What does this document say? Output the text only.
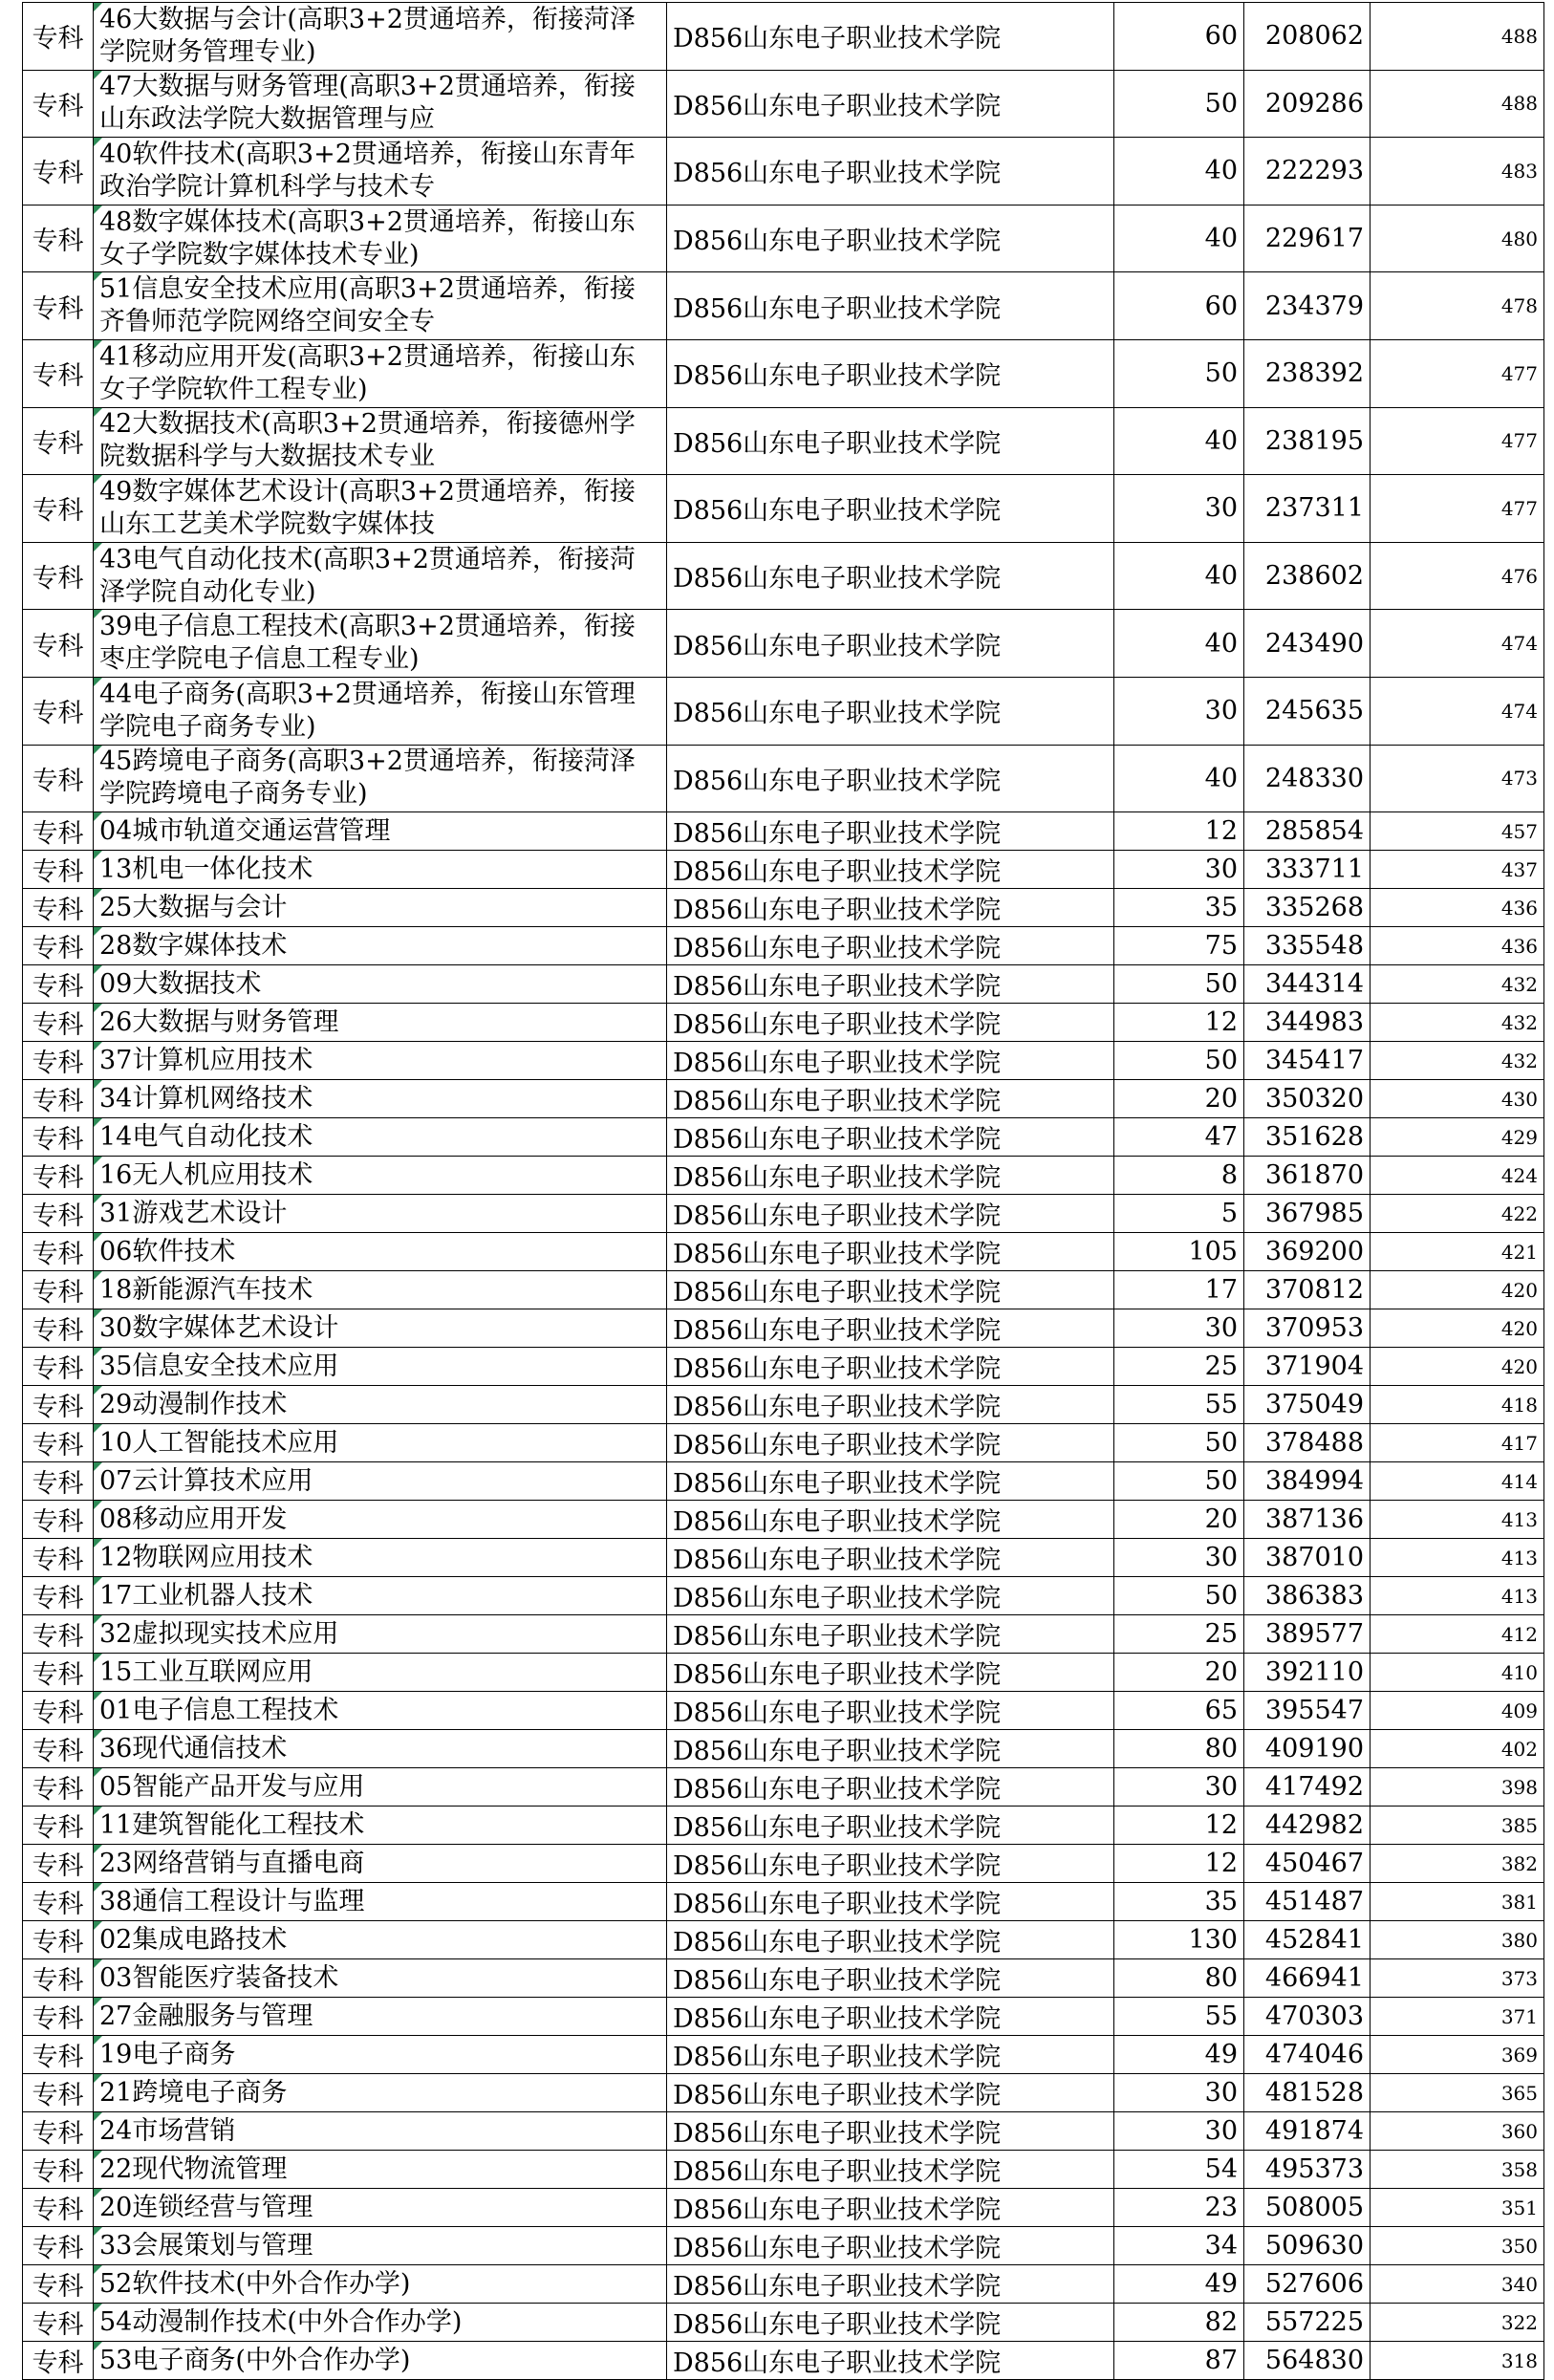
专科	46大数据与会计(高职3+2贯通培养，衔接菏泽学院财务管理专业)	D856山东电子职业技术学院	60	208062	488
专科	47大数据与财务管理(高职3+2贯通培养，衔接山东政法学院大数据管理与应	D856山东电子职业技术学院	50	209286	488
专科	40软件技术(高职3+2贯通培养，衔接山东青年政治学院计算机科学与技术专	D856山东电子职业技术学院	40	222293	483
专科	48数字媒体技术(高职3+2贯通培养，衔接山东女子学院数字媒体技术专业)	D856山东电子职业技术学院	40	229617	480
专科	51信息安全技术应用(高职3+2贯通培养，衔接齐鲁师范学院网络空间安全专	D856山东电子职业技术学院	60	234379	478
专科	41移动应用开发(高职3+2贯通培养，衔接山东女子学院软件工程专业)	D856山东电子职业技术学院	50	238392	477
专科	42大数据技术(高职3+2贯通培养，衔接德州学院数据科学与大数据技术专业	D856山东电子职业技术学院	40	238195	477
专科	49数字媒体艺术设计(高职3+2贯通培养，衔接山东工艺美术学院数字媒体技	D856山东电子职业技术学院	30	237311	477
专科	43电气自动化技术(高职3+2贯通培养，衔接菏泽学院自动化专业)	D856山东电子职业技术学院	40	238602	476
专科	39电子信息工程技术(高职3+2贯通培养，衔接枣庄学院电子信息工程专业)	D856山东电子职业技术学院	40	243490	474
专科	44电子商务(高职3+2贯通培养，衔接山东管理学院电子商务专业)	D856山东电子职业技术学院	30	245635	474
专科	45跨境电子商务(高职3+2贯通培养，衔接菏泽学院跨境电子商务专业)	D856山东电子职业技术学院	40	248330	473
专科	04城市轨道交通运营管理	D856山东电子职业技术学院	12	285854	457
专科	13机电一体化技术	D856山东电子职业技术学院	30	333711	437
专科	25大数据与会计	D856山东电子职业技术学院	35	335268	436
专科	28数字媒体技术	D856山东电子职业技术学院	75	335548	436
专科	09大数据技术	D856山东电子职业技术学院	50	344314	432
专科	26大数据与财务管理	D856山东电子职业技术学院	12	344983	432
专科	37计算机应用技术	D856山东电子职业技术学院	50	345417	432
专科	34计算机网络技术	D856山东电子职业技术学院	20	350320	430
专科	14电气自动化技术	D856山东电子职业技术学院	47	351628	429
专科	16无人机应用技术	D856山东电子职业技术学院	8	361870	424
专科	31游戏艺术设计	D856山东电子职业技术学院	5	367985	422
专科	06软件技术	D856山东电子职业技术学院	105	369200	421
专科	18新能源汽车技术	D856山东电子职业技术学院	17	370812	420
专科	30数字媒体艺术设计	D856山东电子职业技术学院	30	370953	420
专科	35信息安全技术应用	D856山东电子职业技术学院	25	371904	420
专科	29动漫制作技术	D856山东电子职业技术学院	55	375049	418
专科	10人工智能技术应用	D856山东电子职业技术学院	50	378488	417
专科	07云计算技术应用	D856山东电子职业技术学院	50	384994	414
专科	08移动应用开发	D856山东电子职业技术学院	20	387136	413
专科	12物联网应用技术	D856山东电子职业技术学院	30	387010	413
专科	17工业机器人技术	D856山东电子职业技术学院	50	386383	413
专科	32虚拟现实技术应用	D856山东电子职业技术学院	25	389577	412
专科	15工业互联网应用	D856山东电子职业技术学院	20	392110	410
专科	01电子信息工程技术	D856山东电子职业技术学院	65	395547	409
专科	36现代通信技术	D856山东电子职业技术学院	80	409190	402
专科	05智能产品开发与应用	D856山东电子职业技术学院	30	417492	398
专科	11建筑智能化工程技术	D856山东电子职业技术学院	12	442982	385
专科	23网络营销与直播电商	D856山东电子职业技术学院	12	450467	382
专科	38通信工程设计与监理	D856山东电子职业技术学院	35	451487	381
专科	02集成电路技术	D856山东电子职业技术学院	130	452841	380
专科	03智能医疗装备技术	D856山东电子职业技术学院	80	466941	373
专科	27金融服务与管理	D856山东电子职业技术学院	55	470303	371
专科	19电子商务	D856山东电子职业技术学院	49	474046	369
专科	21跨境电子商务	D856山东电子职业技术学院	30	481528	365
专科	24市场营销	D856山东电子职业技术学院	30	491874	360
专科	22现代物流管理	D856山东电子职业技术学院	54	495373	358
专科	20连锁经营与管理	D856山东电子职业技术学院	23	508005	351
专科	33会展策划与管理	D856山东电子职业技术学院	34	509630	350
专科	52软件技术(中外合作办学)	D856山东电子职业技术学院	49	527606	340
专科	54动漫制作技术(中外合作办学)	D856山东电子职业技术学院	82	557225	322
专科	53电子商务(中外合作办学)	D856山东电子职业技术学院	87	564830	318
